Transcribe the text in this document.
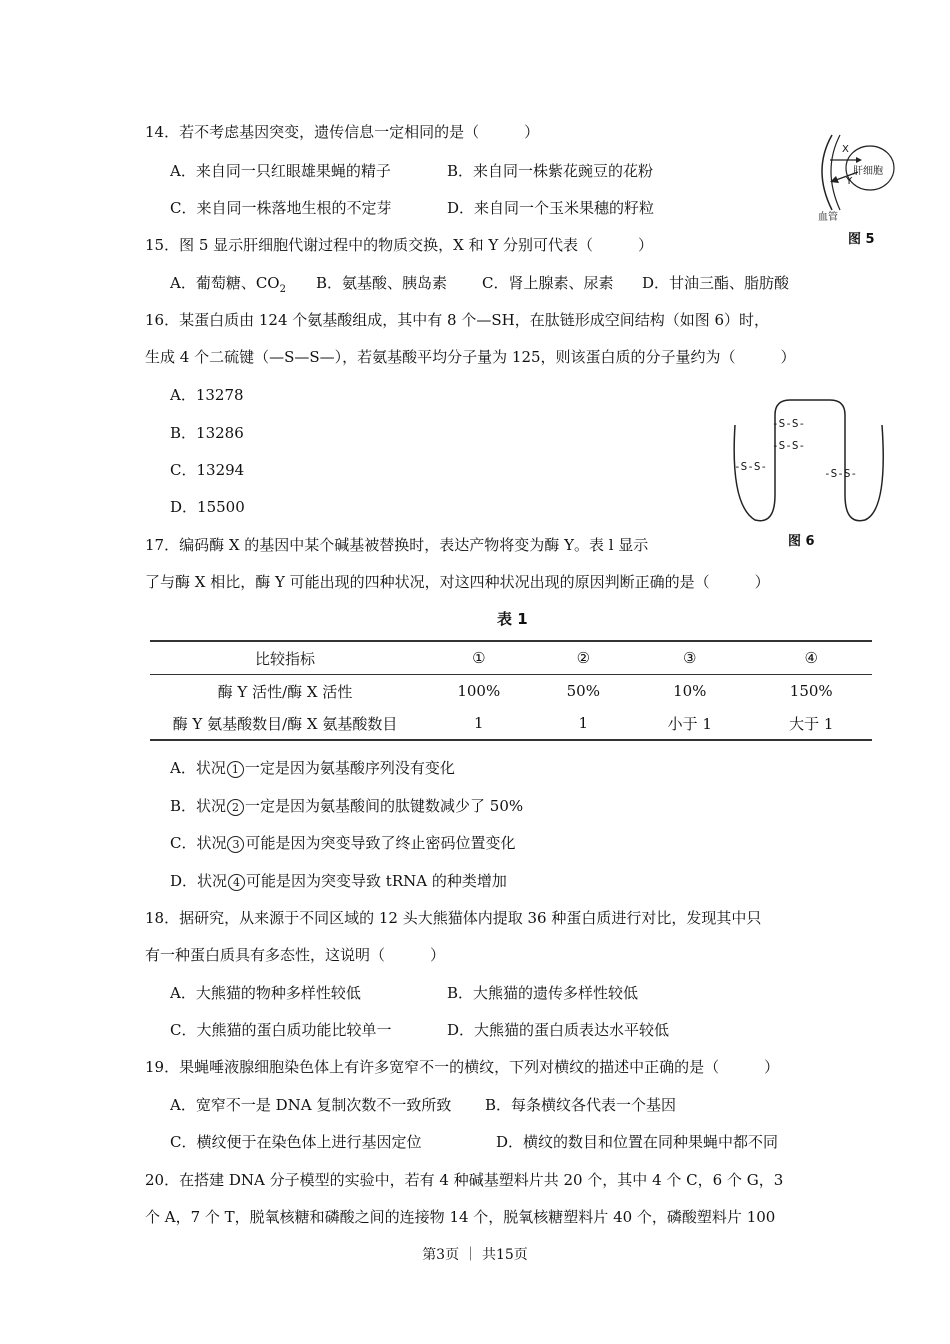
14．若不考虑基因突变，遗传信息一定相同的是（　　　）
A．来自同一只红眼雄果蝇的精子	B．来自同一株紫花豌豆的花粉
C．来自同一株落地生根的不定芽	D．来自同一个玉米果穗的籽粒
X
Y
肝细胞
血管
图 5
15．图 5 显示肝细胞代谢过程中的物质交换，X 和 Y 分别可代表（　　　）
A．葡萄糖、$CO_2$ B．氨基酸、胰岛素 C．肾上腺素、尿素 D．甘油三酯、脂肪酸
16．某蛋白质由 124 个氨基酸组成，其中有 8 个—SH，在肽链形成空间结构（如图 6）时，
生成 4 个二硫键（—S—S—），若氨基酸平均分子量为 125，则该蛋白质的分子量约为（　　　）
A．13278
B．13286
C．13294
D．15500
-S-S-
-S-S-
-S-S-
-S-S-
图 6
17．编码酶 X 的基因中某个碱基被替换时，表达产物将变为酶 Y。表 l 显示
了与酶 X 相比，酶 Y 可能出现的四种状况，对这四种状况出现的原因判断正确的是（　　　）
表 1
比较指标	①	②	③	④
酶 Y 活性/酶 X 活性	100%	50%	10%	150%
酶 Y 氨基酸数目/酶 X 氨基酸数目	1	1	小于 1	大于 1
A．状况 1 一定是因为氨基酸序列没有变化
B．状况 2 一定是因为氨基酸间的肽键数减少了 50%
C．状况 3 可能是因为突变导致了终止密码位置变化
D．状况 4 可能是因为突变导致 tRNA 的种类增加
18．据研究，从来源于不同区域的 12 头大熊猫体内提取 36 种蛋白质进行对比，发现其中只
有一种蛋白质具有多态性，这说明（　　　）
A．大熊猫的物种多样性较低	B．大熊猫的遗传多样性较低
C．大熊猫的蛋白质功能比较单一	D．大熊猫的蛋白质表达水平较低
19．果蝇唾液腺细胞染色体上有许多宽窄不一的横纹，下列对横纹的描述中正确的是（　　　）
A．宽窄不一是 DNA 复制次数不一致所致 B．每条横纹各代表一个基因
C．横纹便于在染色体上进行基因定位	D．横纹的数目和位置在同种果蝇中都不同
20．在搭建 DNA 分子模型的实验中，若有 4 种碱基塑料片共 20 个，其中 4 个 C，6 个 G，3
个 A，7 个 T，脱氧核糖和磷酸之间的连接物 14 个，脱氧核糖塑料片 40 个，磷酸塑料片 100
第3页 ｜ 共15页
